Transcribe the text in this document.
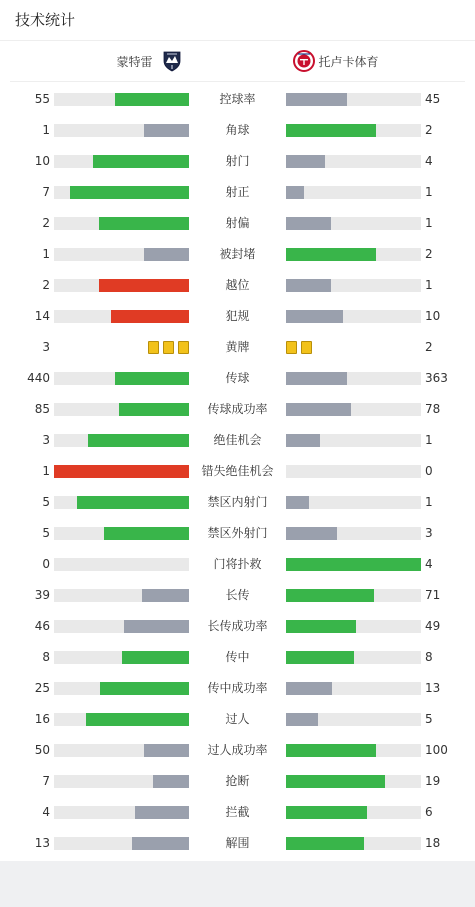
技术统计
蒙特雷	托卢卡体育
55	控球率	45
1	角球	2
10	射门	4
7	射正	1
2	射偏	1
1	被封堵	2
2	越位	1
14	犯规	10
3	黄牌	2
440	传球	363
85	传球成功率	78
3	绝佳机会	1
1	错失绝佳机会	0
5	禁区内射门	1
5	禁区外射门	3
0	门将扑救	4
39	长传	71
46	长传成功率	49
8	传中	8
25	传中成功率	13
16	过人	5
50	过人成功率	100
7	抢断	19
4	拦截	6
13	解围	18
